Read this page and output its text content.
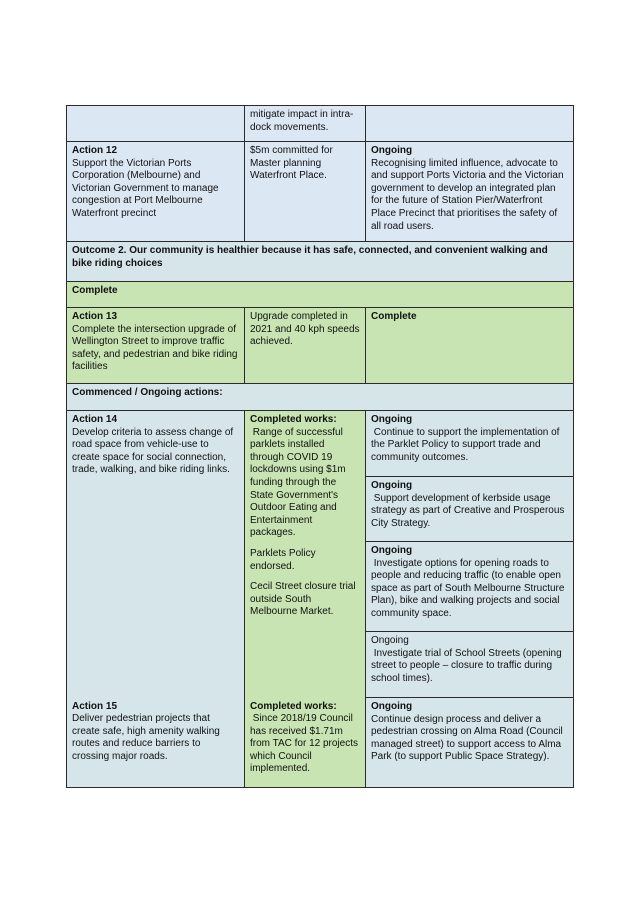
	mitigate impact in intra-dock movements.	

Action 12
Support the Victorian Ports Corporation (Melbourne) and Victorian Government to manage congestion at Port Melbourne Waterfront precinct	$5m committed for Master planning Waterfront Place.	Ongoing
Recognising limited influence, advocate to and support Ports Victoria and the Victorian government to develop an integrated plan for the future of Station Pier/Waterfront Place Precinct that prioritises the safety of all road users.

Outcome 2. Our community is healthier because it has safe, connected, and convenient walking and bike riding choices		
Complete		

Action 13
Complete the intersection upgrade of Wellington Street to improve traffic safety, and pedestrian and bike riding facilities	Upgrade completed in 2021 and 40 kph speeds achieved.	Complete

Commenced / Ongoing actions:		

Action 14
Develop criteria to assess change of road space from vehicle-use to create space for social connection, trade, walking, and bike riding links.	Completed works:
Range of successful parklets installed through COVID 19 lockdowns using $1m funding through the State Government's Outdoor Eating and Entertainment packages.
Parklets Policy endorsed.
Cecil Street closure trial outside South Melbourne Market.	Ongoing
Continue to support the implementation of the Parklet Policy to support trade and community outcomes.

		Ongoing
Support development of kerbside usage strategy as part of Creative and Prosperous City Strategy.

		Ongoing
Investigate options for opening roads to people and reducing traffic (to enable open space as part of South Melbourne Structure Plan), bike and walking projects and social community space.

		Ongoing
Investigate trial of School Streets (opening street to people – closure to traffic during school times).

Action 15
Deliver pedestrian projects that create safe, high amenity walking routes and reduce barriers to crossing major roads.	Completed works:
Since 2018/19 Council has received $1.71m from TAC for 12 projects which Council implemented.	Ongoing
Continue design process and deliver a pedestrian crossing on Alma Road (Council managed street) to support access to Alma Park (to support Public Space Strategy).
